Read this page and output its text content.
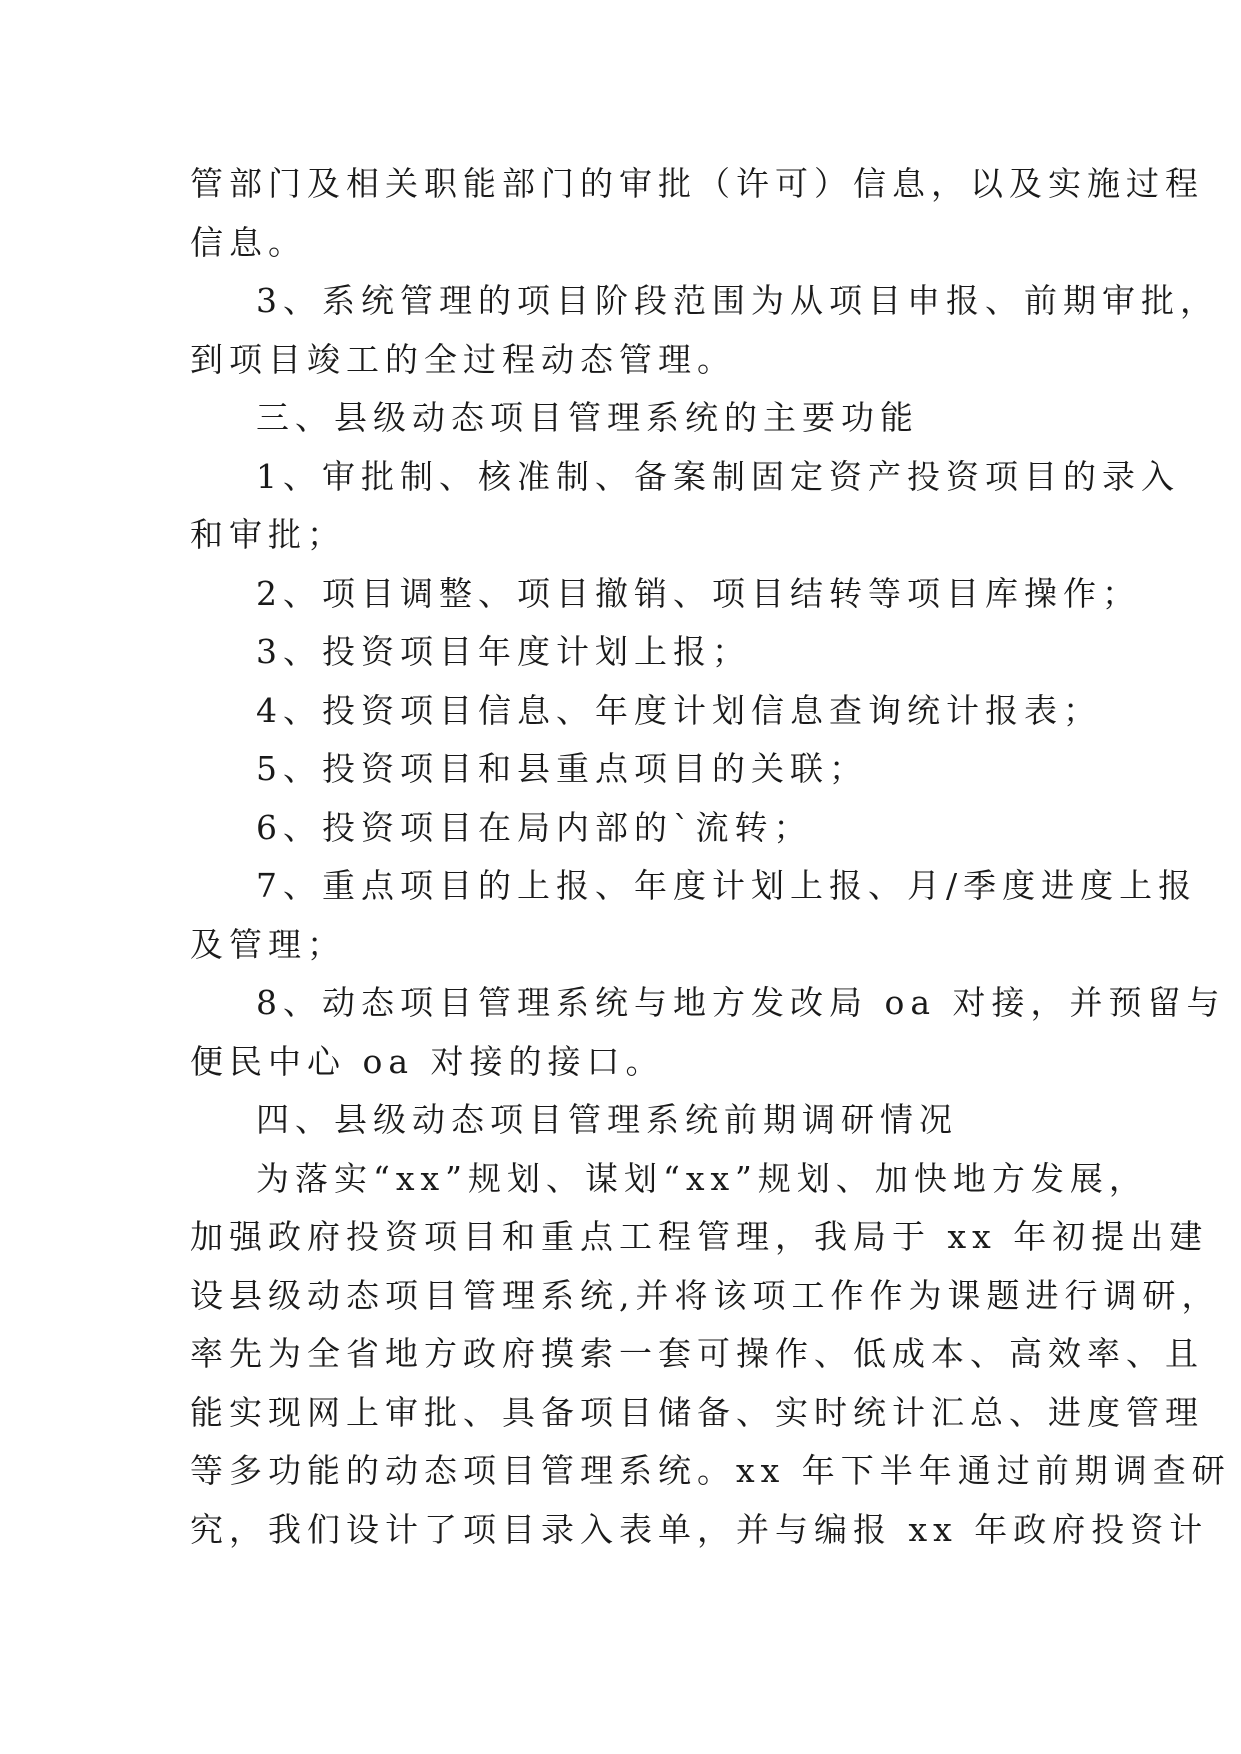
管部门及相关职能部门的审批（许可）信息，以及实施过程
信息。
3、系统管理的项目阶段范围为从项目申报、前期审批，
到项目竣工的全过程动态管理。
三、县级动态项目管理系统的主要功能
1、审批制、核准制、备案制固定资产投资项目的录入
和审批；
2、项目调整、项目撤销、项目结转等项目库操作；
3、投资项目年度计划上报；
4、投资项目信息、年度计划信息查询统计报表；
5、投资项目和县重点项目的关联；
6、投资项目在局内部的`流转；
7、重点项目的上报、年度计划上报、月/季度进度上报
及管理；
8、动态项目管理系统与地方发改局 oa 对接，并预留与
便民中心 oa 对接的接口。
四、县级动态项目管理系统前期调研情况
为落实“xx”规划、谋划“xx”规划、加快地方发展，
加强政府投资项目和重点工程管理，我局于 xx 年初提出建
设县级动态项目管理系统,并将该项工作作为课题进行调研，
率先为全省地方政府摸索一套可操作、低成本、高效率、且
能实现网上审批、具备项目储备、实时统计汇总、进度管理
等多功能的动态项目管理系统。xx 年下半年通过前期调查研
究，我们设计了项目录入表单，并与编报 xx 年政府投资计
